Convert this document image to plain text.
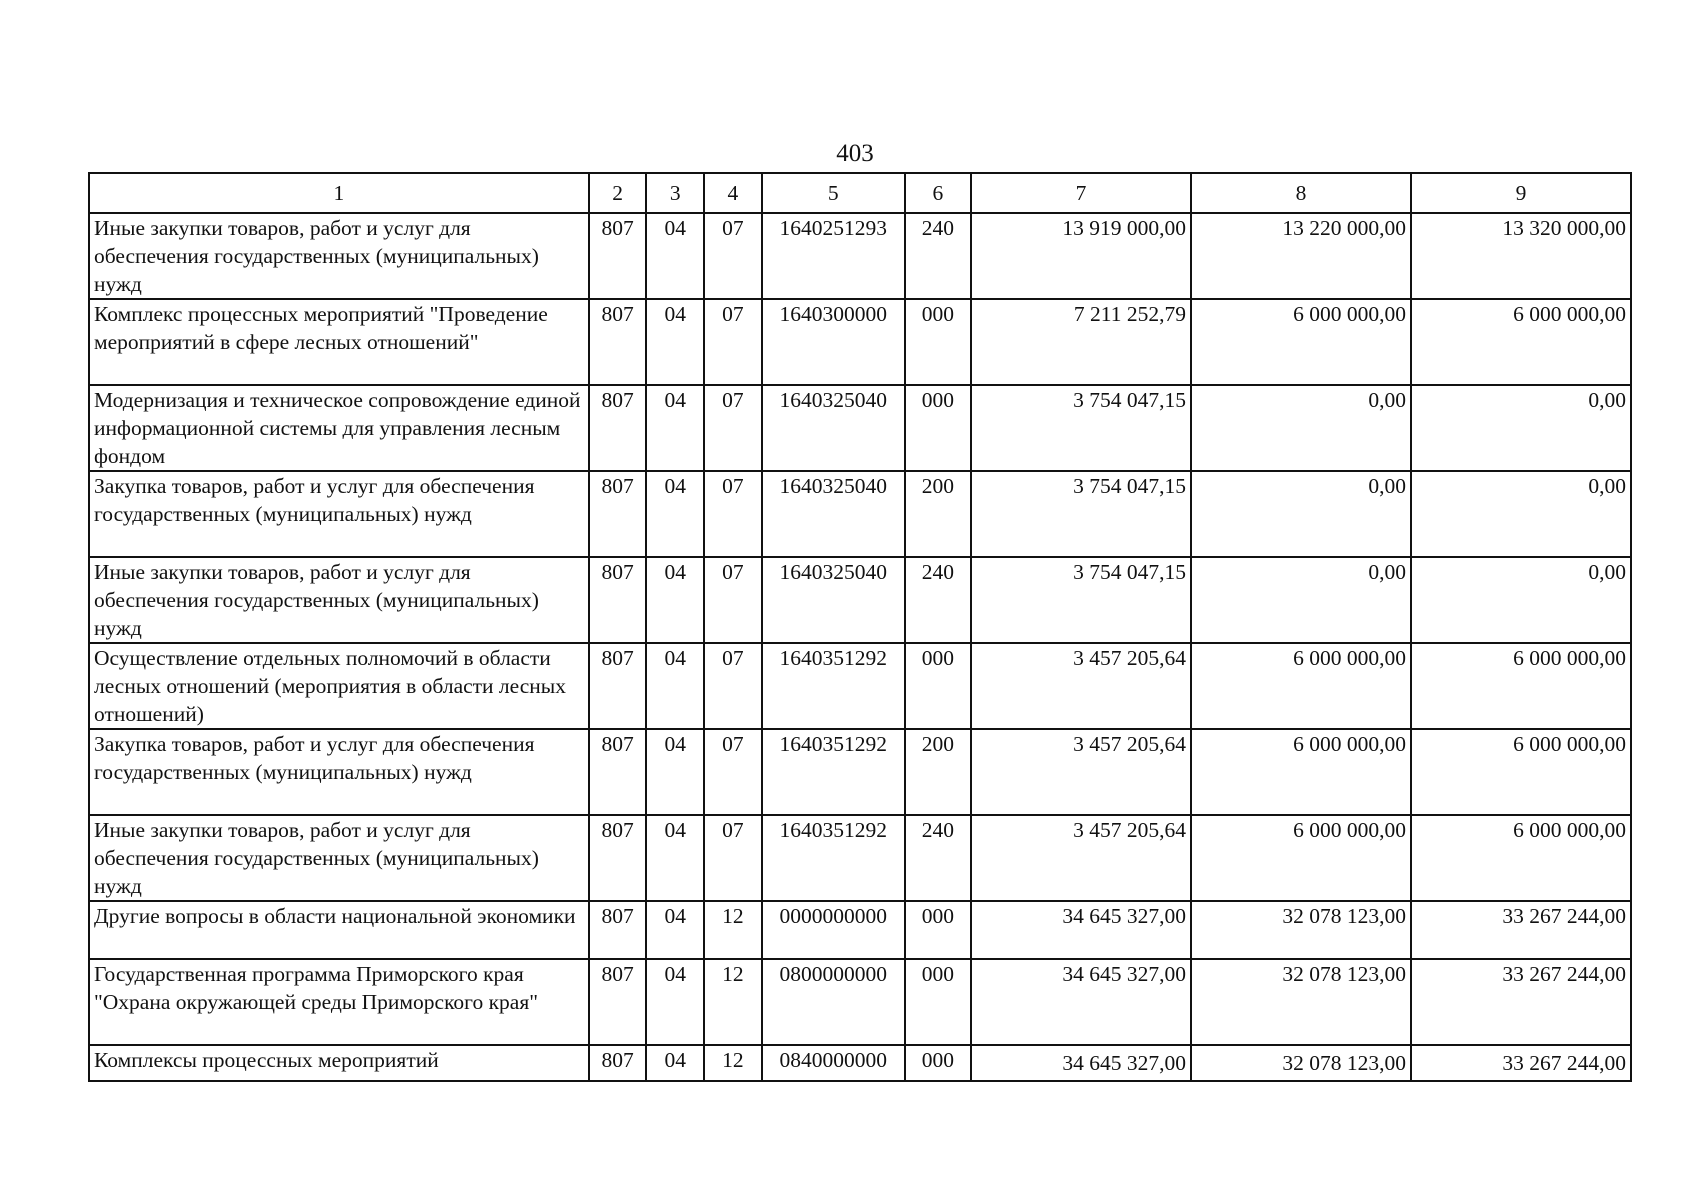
403
1	2	3	4	5	6	7	8	9
Иные закупки товаров, работ и услуг для обеспечения государственных (муниципальных) нужд	807	04	07	1640251293	240	13 919 000,00	13 220 000,00	13 320 000,00
Комплекс процессных мероприятий "Проведение мероприятий в сфере лесных отношений"	807	04	07	1640300000	000	7 211 252,79	6 000 000,00	6 000 000,00
Модернизация и техническое сопровождение единой информационной системы для управления лесным фондом	807	04	07	1640325040	000	3 754 047,15	0,00	0,00
Закупка товаров, работ и услуг для обеспечения государственных (муниципальных) нужд	807	04	07	1640325040	200	3 754 047,15	0,00	0,00
Иные закупки товаров, работ и услуг для обеспечения государственных (муниципальных) нужд	807	04	07	1640325040	240	3 754 047,15	0,00	0,00
Осуществление отдельных полномочий в области лесных отношений (мероприятия в области лесных отношений)	807	04	07	1640351292	000	3 457 205,64	6 000 000,00	6 000 000,00
Закупка товаров, работ и услуг для обеспечения государственных (муниципальных) нужд	807	04	07	1640351292	200	3 457 205,64	6 000 000,00	6 000 000,00
Иные закупки товаров, работ и услуг для обеспечения государственных (муниципальных) нужд	807	04	07	1640351292	240	3 457 205,64	6 000 000,00	6 000 000,00
Другие вопросы в области национальной экономики	807	04	12	0000000000	000	34 645 327,00	32 078 123,00	33 267 244,00
Государственная программа Приморского края "Охрана окружающей среды Приморского края"	807	04	12	0800000000	000	34 645 327,00	32 078 123,00	33 267 244,00
Комплексы процессных мероприятий	807	04	12	0840000000	000	34 645 327,00	32 078 123,00	33 267 244,00
